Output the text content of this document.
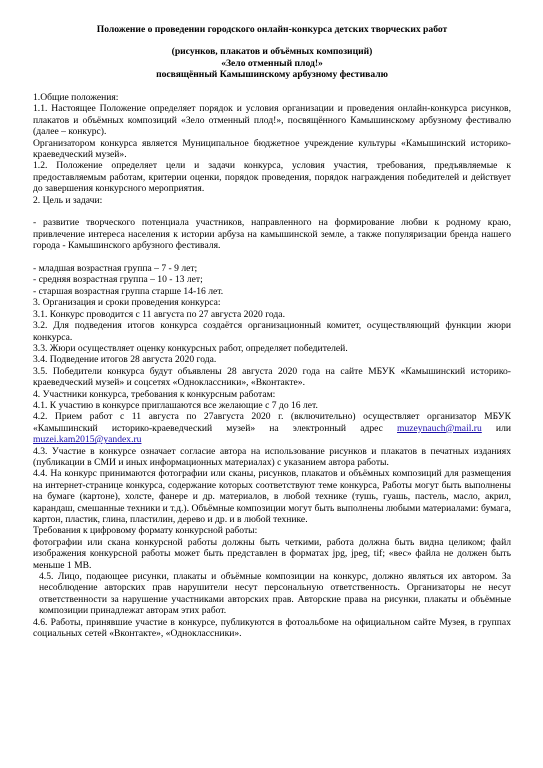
Положение о проведении городского онлайн-конкурса детских творческих работ
(рисунков, плакатов и объёмных композиций)
«Зело отменный плод!»
посвящённый Камышинскому арбузному фестивалю
1.Общие положения:
1.1. Настоящее Положение определяет порядок и условия организации и проведения онлайн-конкурса рисунков, плакатов и объёмных композиций «Зело отменный плод!», посвящённого Камышинскому арбузному фестивалю (далее – конкурс).
Организатором конкурса является Муниципальное бюджетное учреждение культуры «Камышинский историко-краеведческий музей».
1.2. Положение определяет цели и задачи конкурса, условия участия, требования, предъявляемые к предоставляемым работам, критерии оценки, порядок проведения, порядок награждения победителей и действует до завершения конкурсного мероприятия.
2. Цель и задачи:
- развитие творческого потенциала участников, направленного на формирование любви к родному краю, привлечение интереса населения к истории арбуза на камышинской земле, а также популяризации бренда нашего города - Камышинского арбузного фестиваля.
- младшая возрастная группа – 7 - 9 лет;
- средняя возрастная группа – 10 - 13 лет;
- старшая возрастная группа старше 14-16 лет.
3. Организация и сроки проведения конкурса:
3.1. Конкурс проводится с 11 августа по 27 августа 2020 года.
3.2. Для подведения итогов конкурса создаётся организационный комитет, осуществляющий функции жюри конкурса.
3.3. Жюри осуществляет оценку конкурсных работ, определяет победителей.
3.4. Подведение итогов 28 августа 2020 года.
3.5. Победители конкурса будут объявлены 28 августа 2020 года на сайте МБУК «Камышинский историко-краеведческий музей» и соцсетях «Одноклассники», «Вконтакте».
4. Участники конкурса, требования к конкурсным работам:
4.1. К участию в конкурсе приглашаются все желающие с 7 до 16 лет.
4.2. Прием работ с 11 августа по 27августа 2020 г. (включительно) осуществляет организатор МБУК «Камышинский историко-краеведческий музей» на электронный адрес muzeynauch@mail.ru или muzei.kam2015@yandex.ru
4.3. Участие в конкурсе означает согласие автора на использование рисунков и плакатов в печатных изданиях (публикации в СМИ и иных информационных материалах) с указанием автора работы.
4.4. На конкурс принимаются фотографии или сканы, рисунков, плакатов и объёмных композиций для размещения на интернет-странице конкурса, содержание которых соответствуют теме конкурса, Работы могут быть выполнены на бумаге (картоне), холсте, фанере и др. материалов, в любой технике (тушь, гуашь, пастель, масло, акрил, карандаш, смешанные техники и т.д.). Объёмные композиции могут быть выполнены любыми материалами: бумага, картон, пластик, глина, пластилин, дерево и др. и в любой технике.
Требования к цифровому формату конкурсной работы:
фотографии или скана конкурсной работы должны быть четкими, работа должна быть видна целиком; файл изображения конкурсной работы может быть представлен в форматах jpg, jpeg, tif; «вес» файла не должен быть меньше 1 MB.
4.5. Лицо, подающее рисунки, плакаты и объёмные композиции на конкурс, должно являться их автором. За несоблюдение авторских прав нарушители несут персональную ответственность. Организаторы не несут ответственности за нарушение участниками авторских прав. Авторские права на рисунки, плакаты и объёмные композиции принадлежат авторам этих работ.
4.6. Работы, принявшие участие в конкурсе, публикуются в фотоальбоме на официальном сайте Музея, в группах социальных сетей «Вконтакте», «Одноклассники».
